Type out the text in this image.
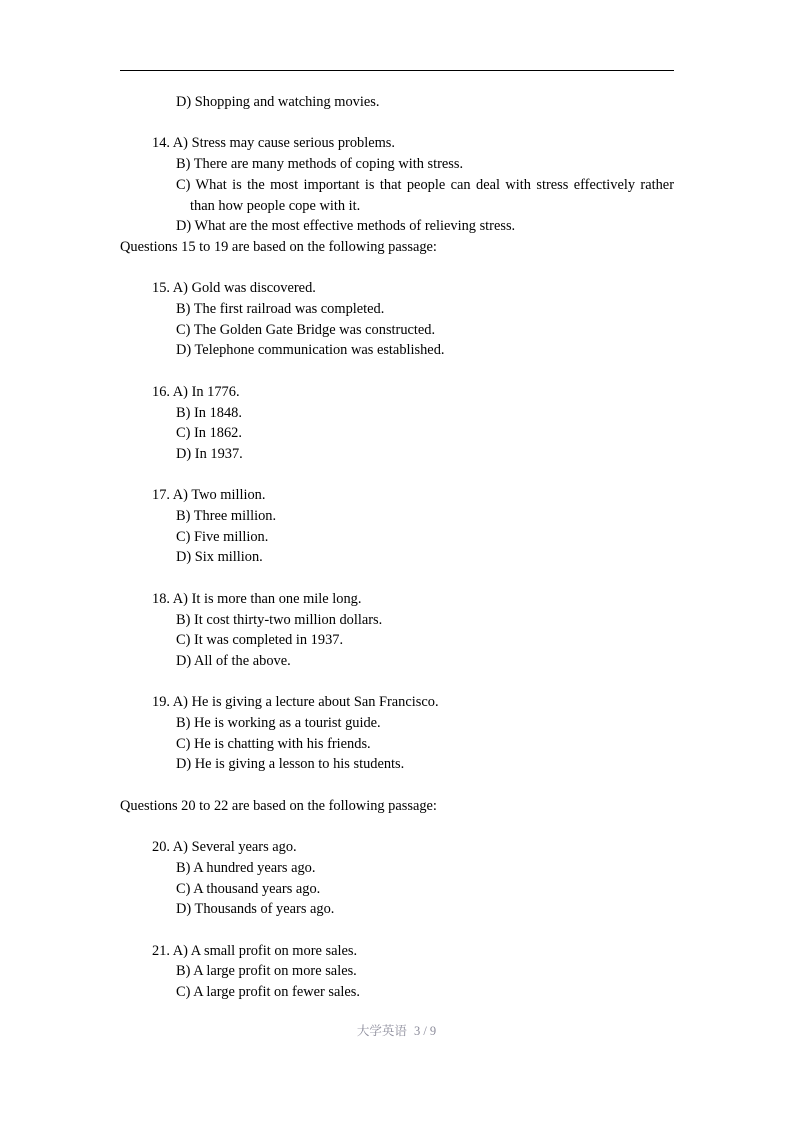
D) Shopping and watching movies.
14. A) Stress may cause serious problems.
B) There are many methods of coping with stress.
C) What is the most important is that people can deal with stress effectively rather than how people cope with it.
D) What are the most effective methods of relieving stress.
Questions 15 to 19 are based on the following passage:
15. A) Gold was discovered.
B) The first railroad was completed.
C) The Golden Gate Bridge was constructed.
D) Telephone communication was established.
16. A) In 1776.
B) In 1848.
C) In 1862.
D) In 1937.
17. A) Two million.
B) Three million.
C) Five million.
D) Six million.
18. A) It is more than one mile long.
B) It cost thirty-two million dollars.
C) It was completed in 1937.
D) All of the above.
19. A) He is giving a lecture about San Francisco.
B) He is working as a tourist guide.
C) He is chatting with his friends.
D) He is giving a lesson to his students.
Questions 20 to 22 are based on the following passage:
20. A) Several years ago.
B) A hundred years ago.
C) A thousand years ago.
D) Thousands of years ago.
21. A) A small profit on more sales.
B) A large profit on more sales.
C) A large profit on fewer sales.
大学英语 3 / 9
